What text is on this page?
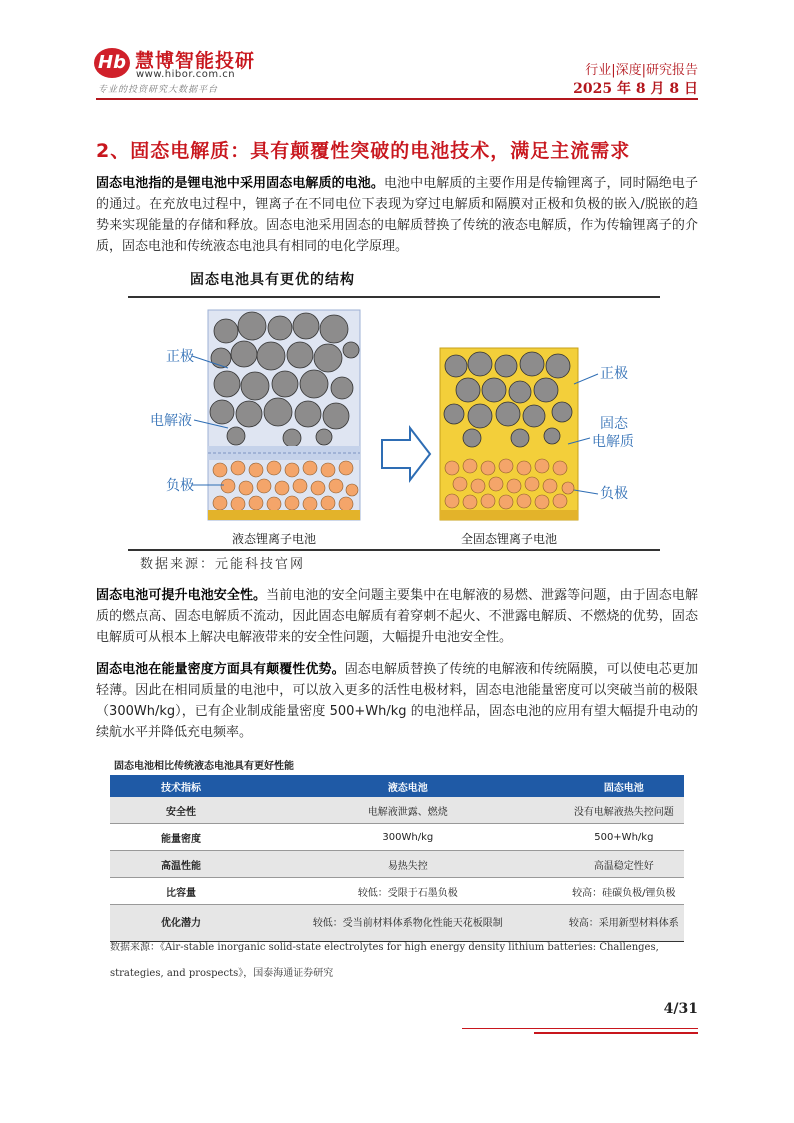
Hb 慧博智能投研
www.hibor.com.cn
专业的投资研究大数据平台
行业|深度|研究报告
2025 年 8 月 8 日
2、固态电解质：具有颠覆性突破的电池技术，满足主流需求
固态电池指的是锂电池中采用固态电解质的电池。电池中电解质的主要作用是传输锂离子，同时隔绝电子的通过。在充放电过程中，锂离子在不同电位下表现为穿过电解质和隔膜对正极和负极的嵌入/脱嵌的趋势来实现能量的存储和释放。固态电池采用固态的电解质替换了传统的液态电解质，作为传输锂离子的介质，固态电池和传统液态电池具有相同的电化学原理。
固态电池具有更优的结构
正极
电解液
负极
正极
固态
电解质
负极
液态锂离子电池	全固态锂离子电池
数据来源：元能科技官网
固态电池可提升电池安全性。当前电池的安全问题主要集中在电解液的易燃、泄露等问题，由于固态电解质的燃点高、固态电解质不流动，因此固态电解质有着穿刺不起火、不泄露电解质、不燃烧的优势，固态电解质可从根本上解决电解液带来的安全性问题，大幅提升电池安全性。
固态电池在能量密度方面具有颠覆性优势。固态电解质替换了传统的电解液和传统隔膜，可以使电芯更加轻薄。因此在相同质量的电池中，可以放入更多的活性电极材料，固态电池能量密度可以突破当前的极限（300Wh/kg），已有企业制成能量密度 500+Wh/kg 的电池样品，固态电池的应用有望大幅提升电动的续航水平并降低充电频率。
固态电池相比传统液态电池具有更好性能
技术指标	液态电池	固态电池
安全性	电解液泄露、燃烧	没有电解液热失控问题
能量密度	300Wh/kg	500+Wh/kg
高温性能	易热失控	高温稳定性好
比容量	较低：受限于石墨负极	较高：硅碳负极/锂负极
优化潜力	较低：受当前材料体系物化性能天花板限制	较高：采用新型材料体系
数据来源：《Air-stable inorganic solid-state electrolytes for high energy density lithium batteries: Challenges,
strategies, and prospects》，国泰海通证券研究
4/31
